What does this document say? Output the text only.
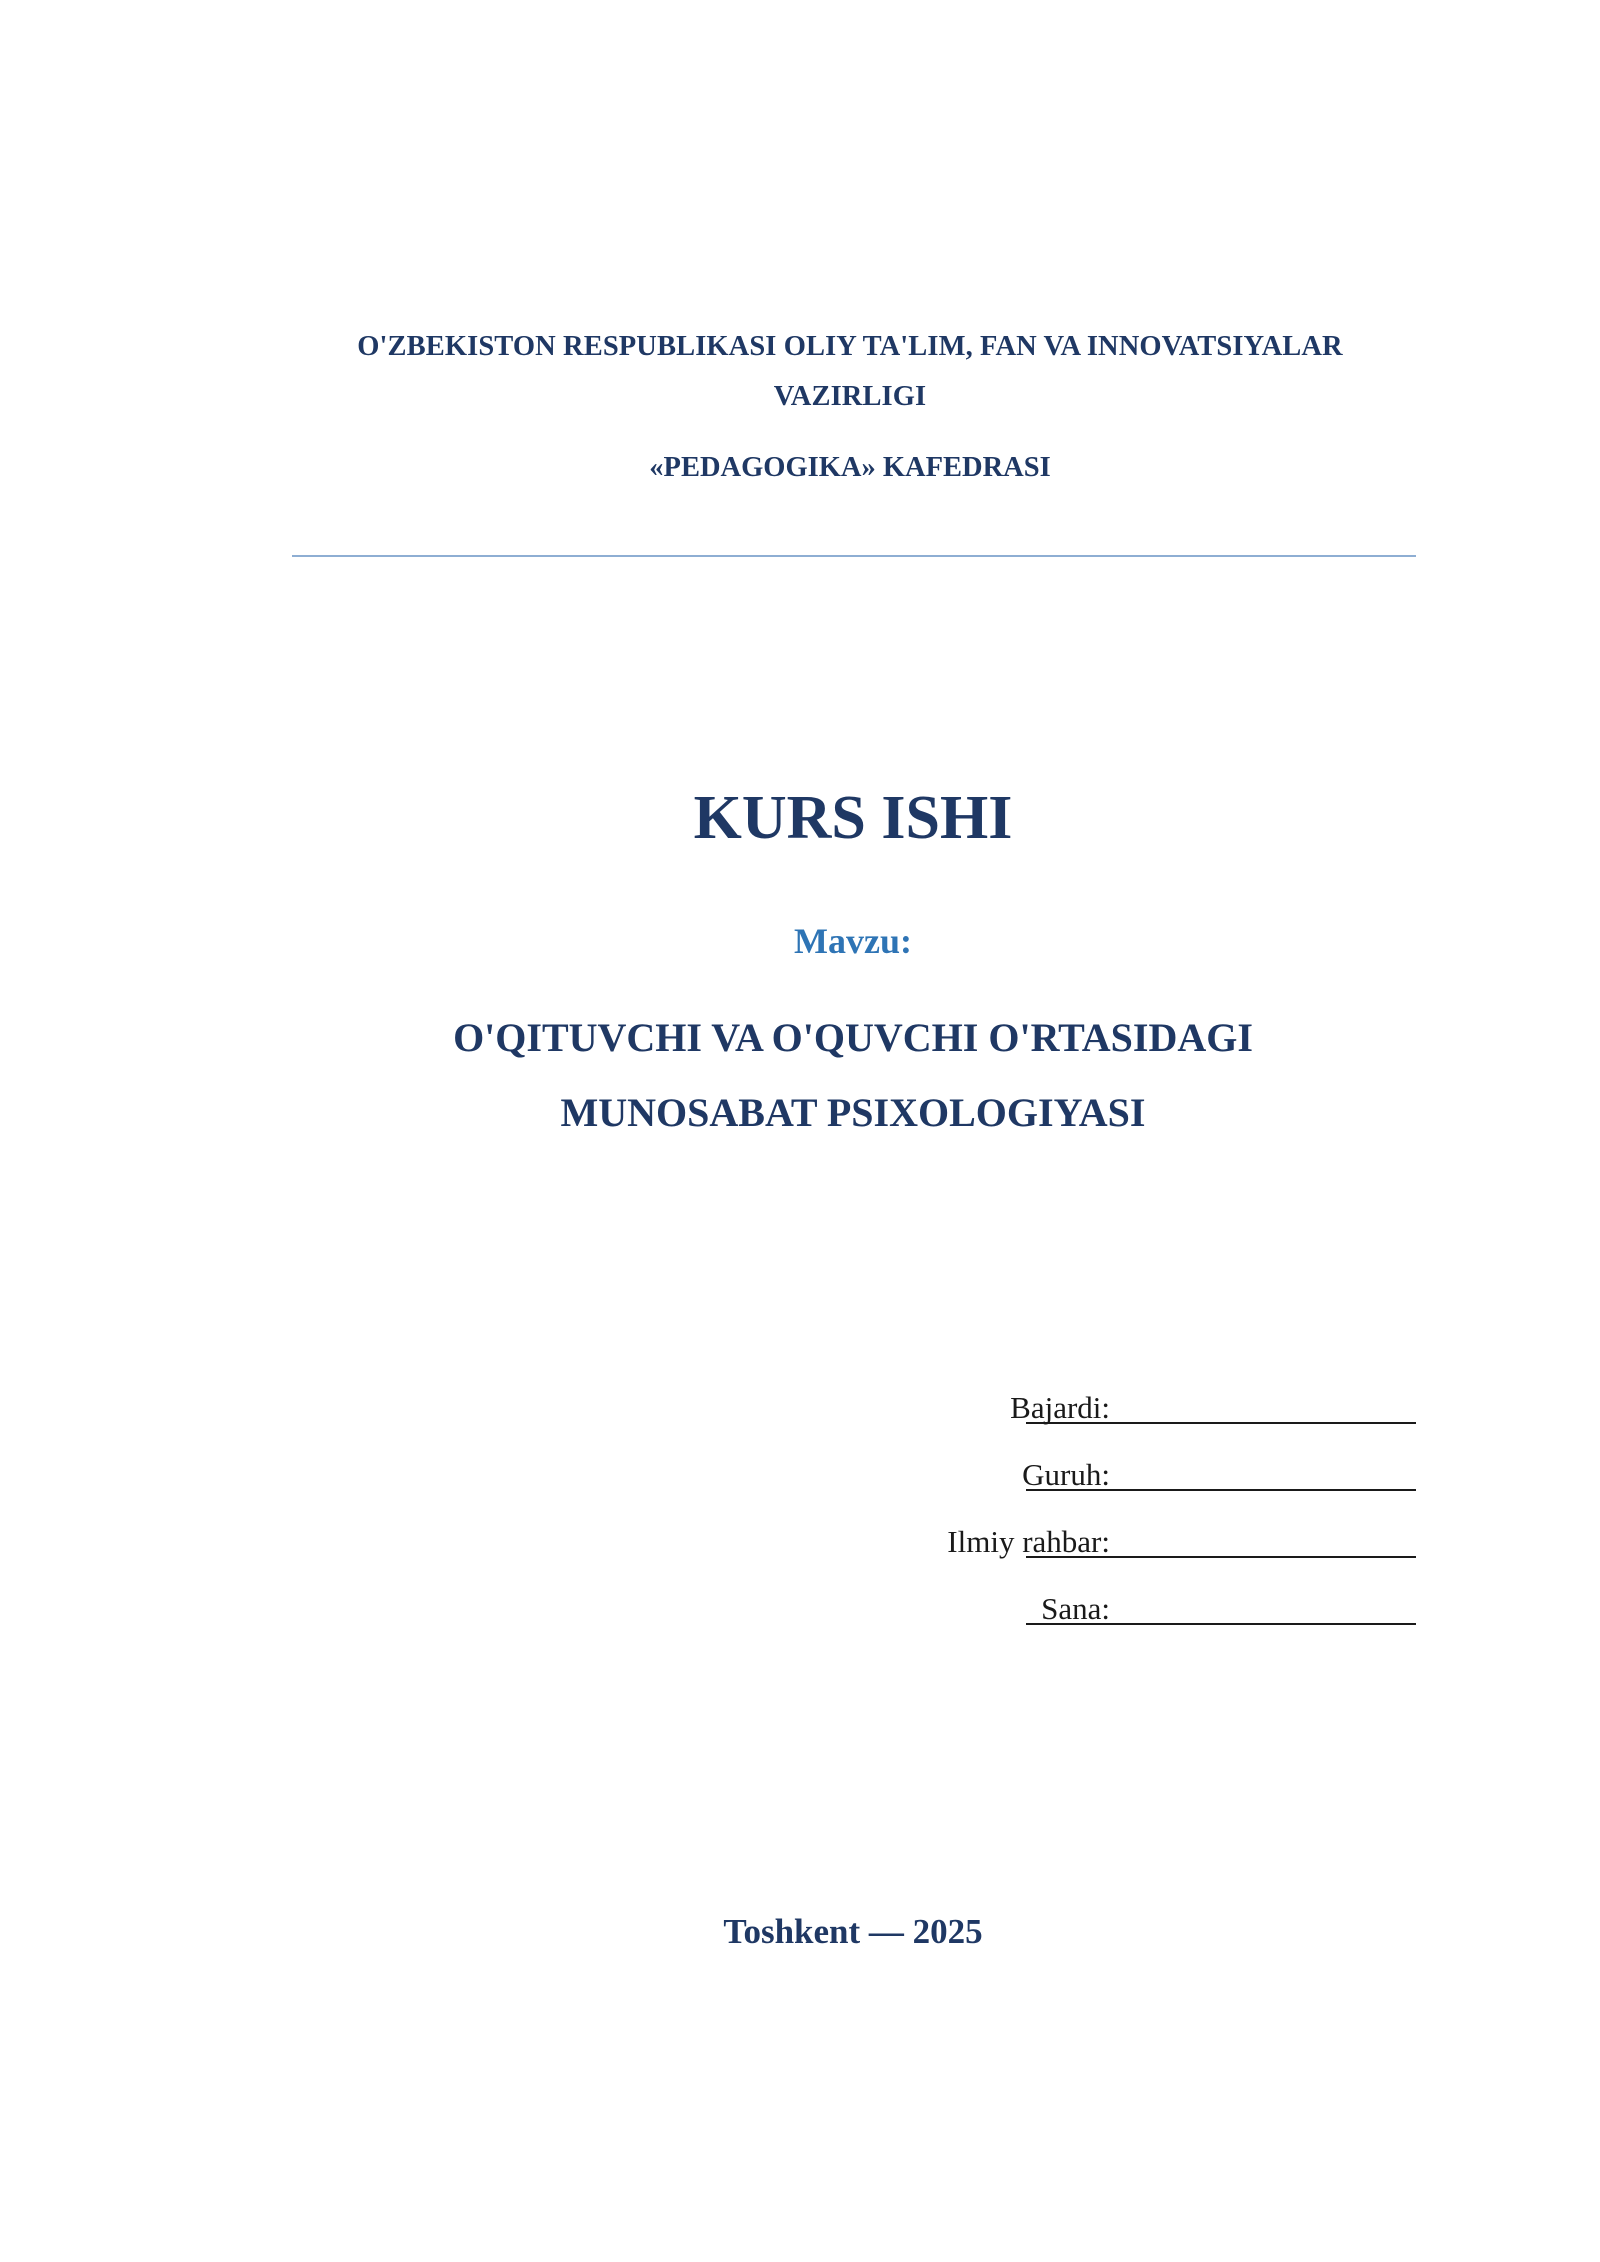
O'ZBEKISTON RESPUBLIKASI OLIY TA'LIM, FAN VA INNOVATSIYALAR
VAZIRLIGI
«PEDAGOGIKA» KAFEDRASI
KURS ISHI
Mavzu:
O'QITUVCHI VA O'QUVCHI O'RTASIDAGI
MUNOSABAT PSIXOLOGIYASI
Bajardi:
Guruh:
Ilmiy rahbar:
Sana:
Toshkent — 2025
